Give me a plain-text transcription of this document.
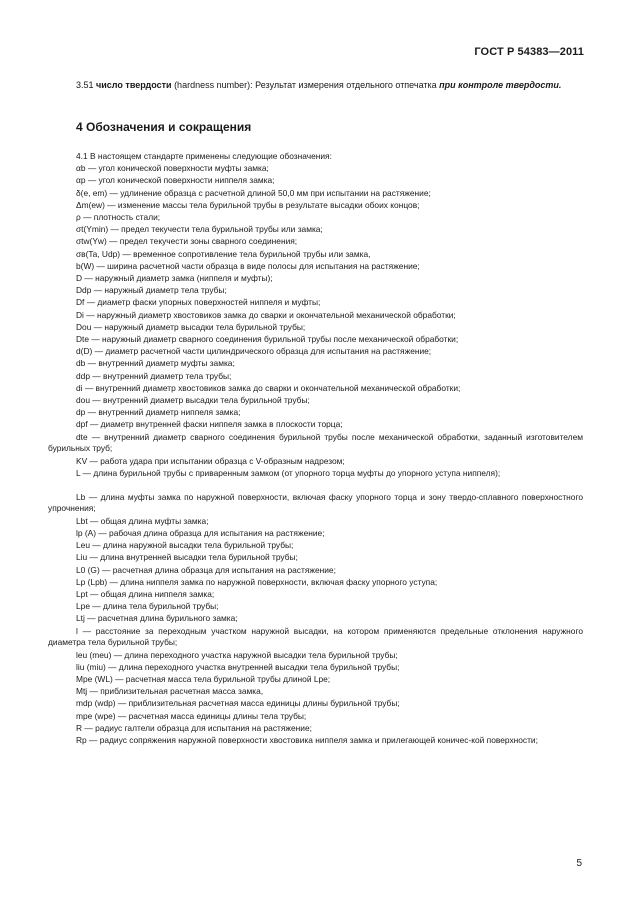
ГОСТ Р 54383—2011
3.51 число твердости (hardness number): Результат измерения отдельного отпечатка при контроле твердости.
4 Обозначения и сокращения
4.1 В настоящем стандарте применены следующие обозначения:
αb — угол конической поверхности муфты замка;
αp — угол конической поверхности ниппеля замка;
δ(e, em) — удлинение образца с расчетной длиной 50,0 мм при испытании на растяжение;
Δm(ew) — изменение массы тела бурильной трубы в результате высадки обоих концов;
ρ — плотность стали;
σt(Ymin) — предел текучести тела бурильной трубы или замка;
σtw(Yw) — предел текучести зоны сварного соединения;
σв(Ta, Udp) — временное сопротивление тела бурильной трубы или замка,
b(W) — ширина расчетной части образца в виде полосы для испытания на растяжение;
D — наружный диаметр замка (ниппеля и муфты);
Ddp — наружный диаметр тела трубы;
Df — диаметр фаски упорных поверхностей ниппеля и муфты;
Di — наружный диаметр хвостовиков замка до сварки и окончательной механической обработки;
Dou — наружный диаметр высадки тела бурильной трубы;
Dte — наружный диаметр сварного соединения бурильной трубы после механической обработки;
d(D) — диаметр расчетной части цилиндрического образца для испытания на растяжение;
db — внутренний диаметр муфты замка;
ddp — внутренний диаметр тела трубы;
di — внутренний диаметр хвостовиков замка до сварки и окончательной механической обработки;
dou — внутренний диаметр высадки тела бурильной трубы;
dp — внутренний диаметр ниппеля замка;
dpf — диаметр внутренней фаски ниппеля замка в плоскости торца;
dte — внутренний диаметр сварного соединения бурильной трубы после механической обработки, заданный изготовителем бурильных труб;
KV — работа удара при испытании образца с V-образным надрезом;
L — длина бурильной трубы с приваренным замком (от упорного торца муфты до упорного уступа ниппеля);
Lb — длина муфты замка по наружной поверхности, включая фаску упорного торца и зону твердо-сплавного поверхностного упрочнения;
Lbt — общая длина муфты замка;
lp (A) — рабочая длина образца для испытания на растяжение;
Leu — длина наружной высадки тела бурильной трубы;
Liu — длина внутренней высадки тела бурильной трубы;
L0 (G) — расчетная длина образца для испытания на растяжение;
Lp (Lpb) — длина ниппеля замка по наружной поверхности, включая фаску упорного уступа;
Lpt — общая длина ниппеля замка;
Lpe — длина тела бурильной трубы;
Ltj — расчетная длина бурильного замка;
l — расстояние за переходным участком наружной высадки, на котором применяются предельные отклонения наружного диаметра тела бурильной трубы;
leu (meu) — длина переходного участка наружной высадки тела бурильной трубы;
liu (miu) — длина переходного участка внутренней высадки тела бурильной трубы;
Mpe (WL) — расчетная масса тела бурильной трубы длиной Lpe;
Mtj — приблизительная расчетная масса замка,
mdp (wdp) — приблизительная расчетная масса единицы длины бурильной трубы;
mpe (wpe) — расчетная масса единицы длины тела трубы;
R — радиус галтели образца для испытания на растяжение;
Rp — радиус сопряжения наружной поверхности хвостовика ниппеля замка и прилегающей коничес-кой поверхности;
5
